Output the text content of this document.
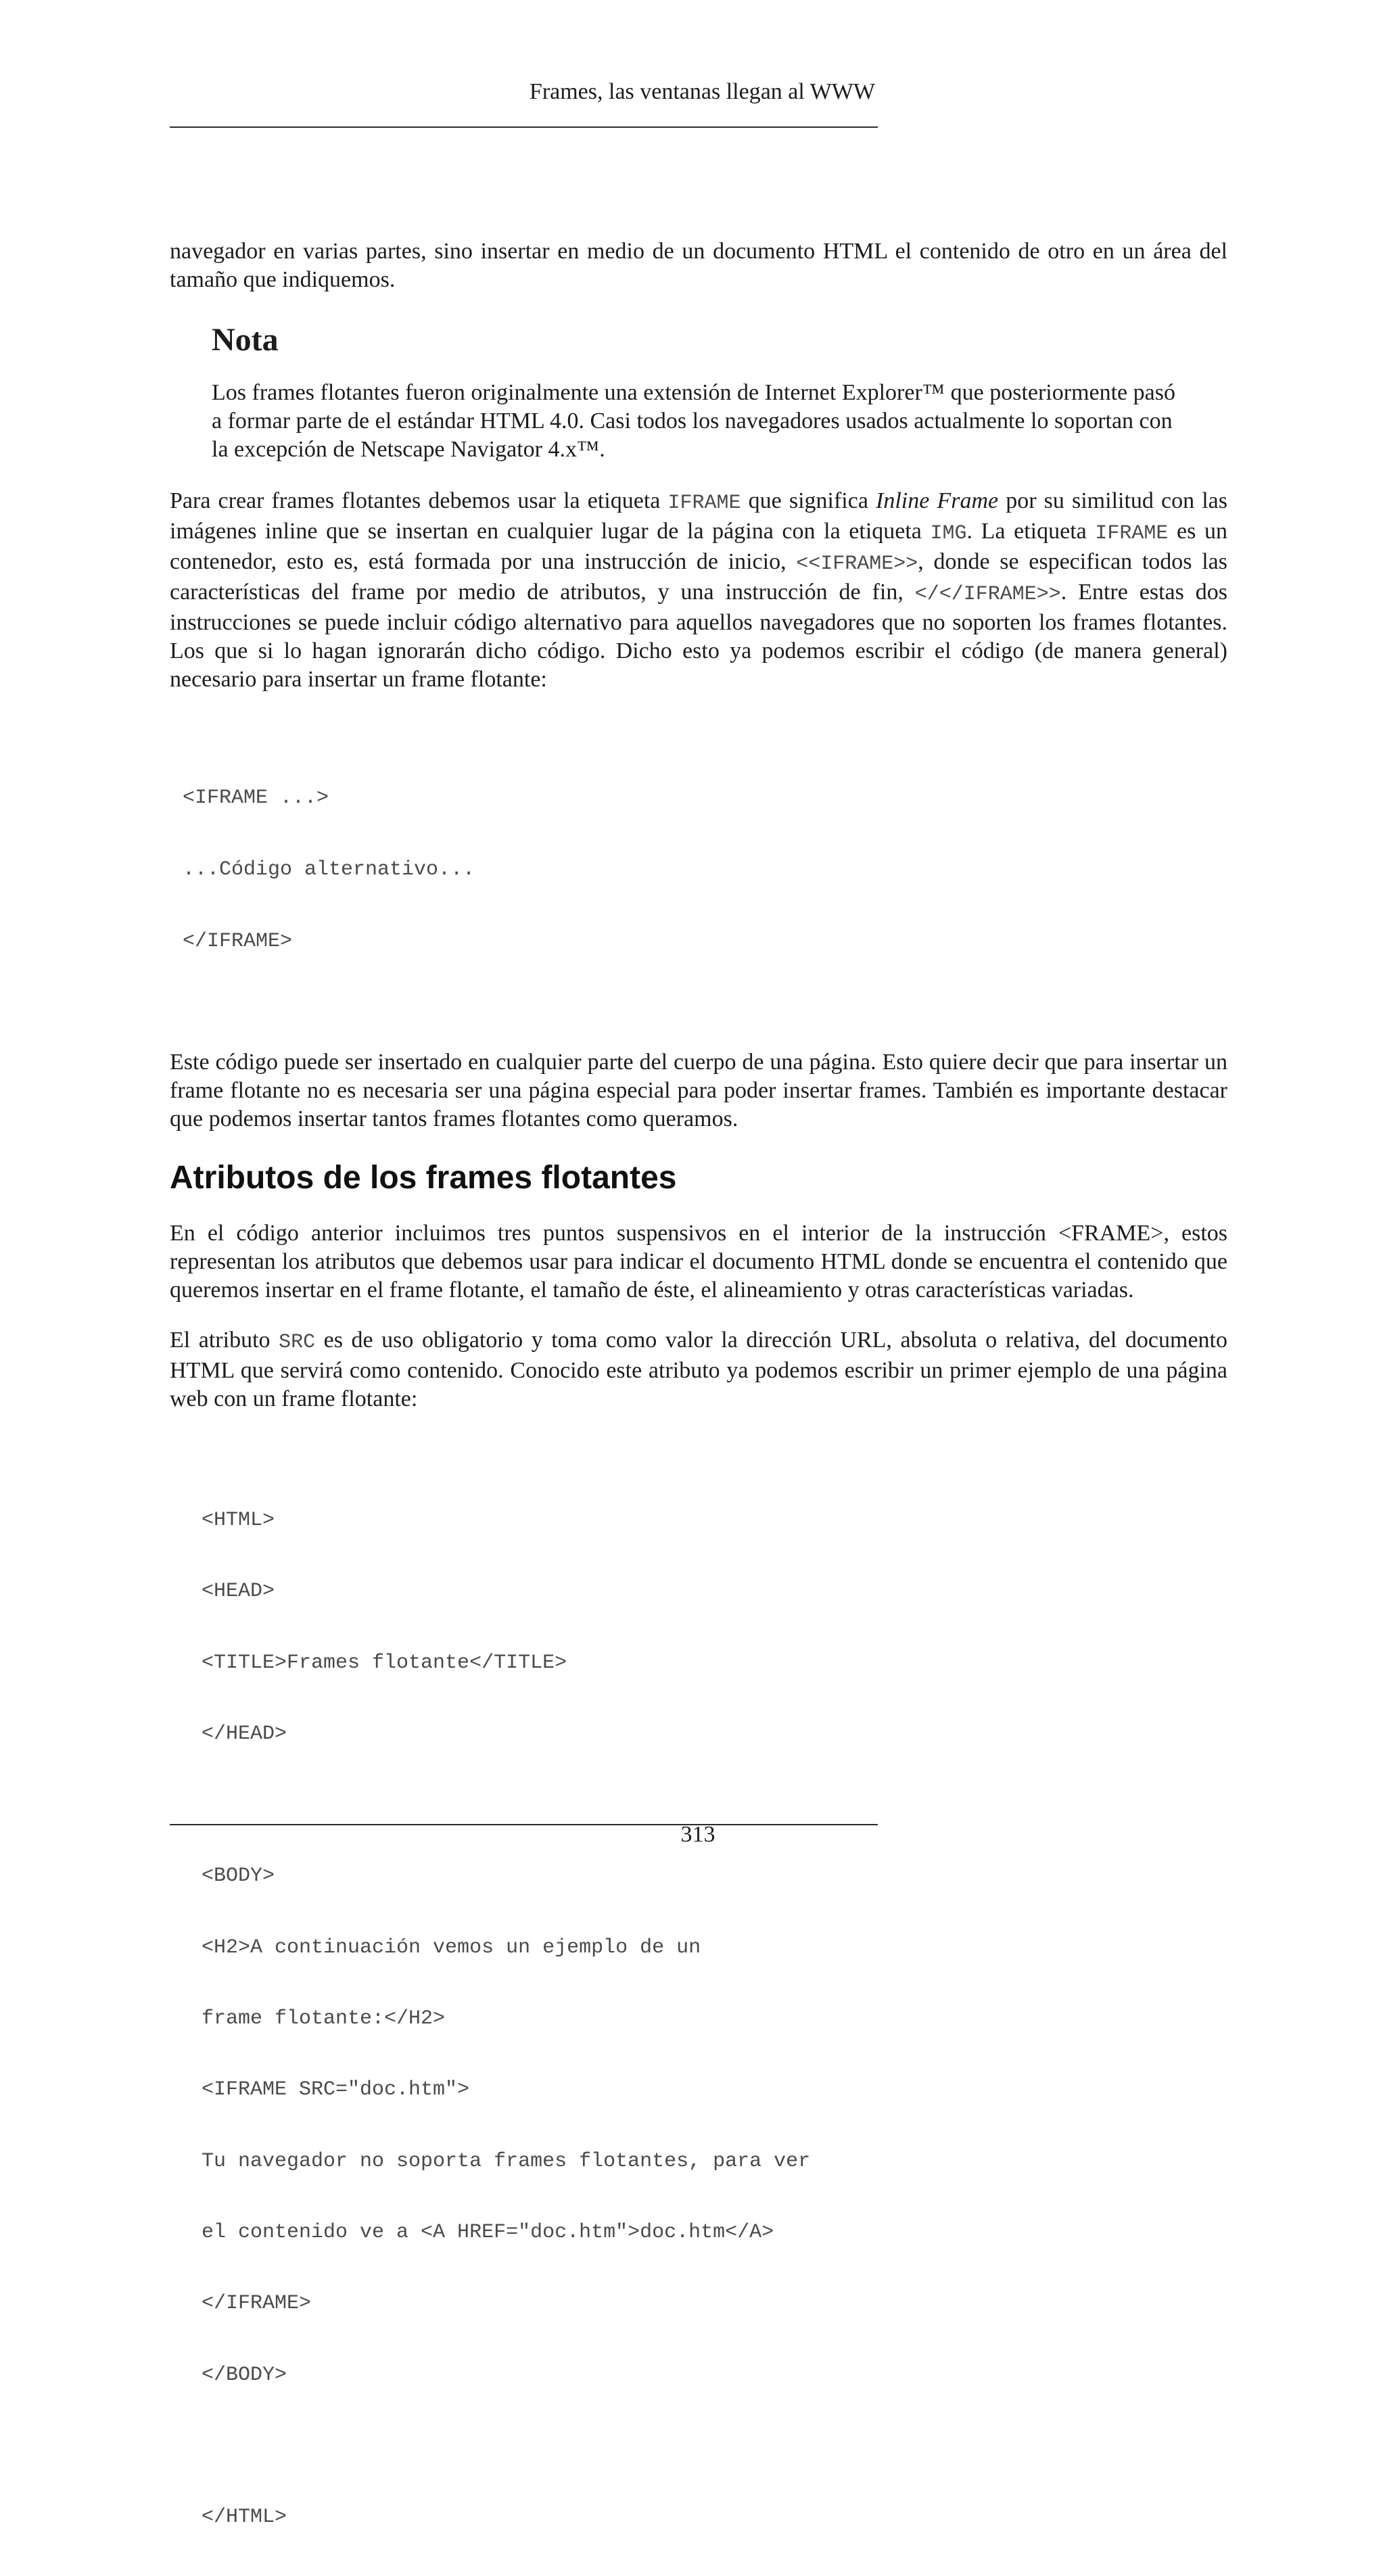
Frames, las ventanas llegan al WWW

navegador en varias partes, sino insertar en medio de un documento HTML el contenido de otro en un área del tamaño que indiquemos.

Nota
Los frames flotantes fueron originalmente una extensión de Internet Explorer™ que posteriormente pasó
a formar parte de el estándar HTML 4.0. Casi todos los navegadores usados actualmente lo soportan con
la excepción de Netscape Navigator 4.x™.

Para crear frames flotantes debemos usar la etiqueta IFRAME que significa Inline Frame por su similitud con las imágenes inline que se insertan en cualquier lugar de la página con la etiqueta IMG. La etiqueta IFRAME es un contenedor, esto es, está formada por una instrucción de inicio, <<IFRAME>>, donde se especifican todos las características del frame por medio de atributos, y una instrucción de fin, </</IFRAME>>. Entre estas dos instrucciones se puede incluir código alternativo para aquellos navegadores que no soporten los frames flotantes. Los que si lo hagan ignorarán dicho código. Dicho esto ya podemos escribir el código (de manera general) necesario para insertar un frame flotante:

<IFRAME ...>

...Código alternativo...

</IFRAME>

Este código puede ser insertado en cualquier parte del cuerpo de una página. Esto quiere decir que para insertar un frame flotante no es necesaria ser una página especial para poder insertar frames. También es importante destacar que podemos insertar tantos frames flotantes como queramos.

Atributos de los frames flotantes

En el código anterior incluimos tres puntos suspensivos en el interior de la instrucción <FRAME>, estos representan los atributos que debemos usar para indicar el documento HTML donde se encuentra el contenido que queremos insertar en el frame flotante, el tamaño de éste, el alineamiento y otras características variadas.

El atributo SRC es de uso obligatorio y toma como valor la dirección URL, absoluta o relativa, del documento HTML que servirá como contenido. Conocido este atributo ya podemos escribir un primer ejemplo de una página web con un frame flotante:

<HTML>

<HEAD>

<TITLE>Frames flotante</TITLE>

</HEAD>

<BODY>

<H2>A continuación vemos un ejemplo de un

frame flotante:</H2>

<IFRAME SRC="doc.htm">

Tu navegador no soporta frames flotantes, para ver

el contenido ve a <A HREF="doc.htm">doc.htm</A>

</IFRAME>

</BODY>

</HTML>

313
